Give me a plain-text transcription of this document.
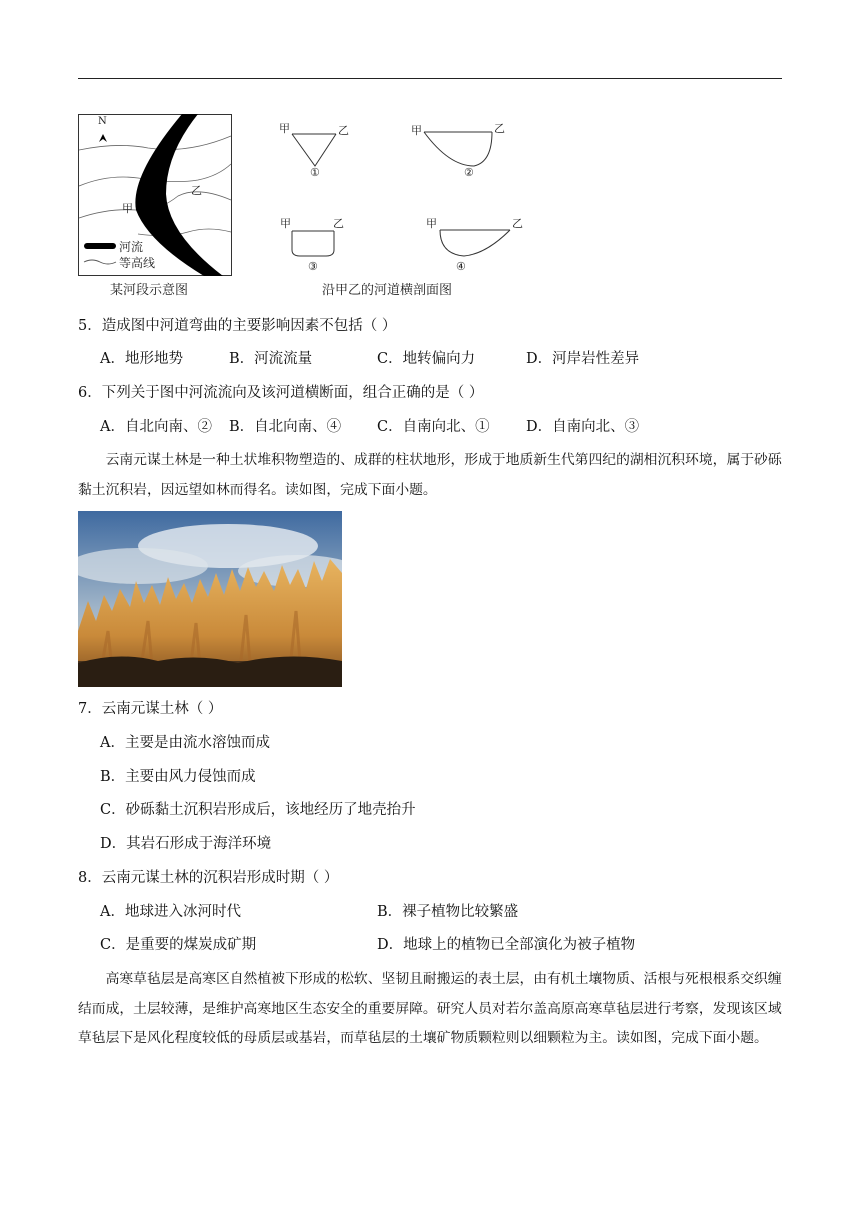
N
乙
甲
河流
等高线
某河段示意图
甲	乙
①
甲	乙
②
甲	乙
③
甲	乙
④
沿甲乙的河道横剖面图
5．造成图中河道弯曲的主要影响因素不包括（ ）
A．地形地势	B．河流流量	C．地转偏向力	D．河岸岩性差异
6．下列关于图中河流流向及该河道横断面，组合正确的是（ ）
A．自北向南、② B．自北向南、④ C．自南向北、①	D．自南向北、③
云南元谋土林是一种土状堆积物塑造的、成群的柱状地形，形成于地质新生代第四纪的湖相沉积环境，属于砂砾黏土沉积岩，因远望如林而得名。读如图，完成下面小题。
7．云南元谋土林（ ）
A．主要是由流水溶蚀而成
B．主要由风力侵蚀而成
C．砂砾黏土沉积岩形成后，该地经历了地壳抬升
D．其岩石形成于海洋环境
8．云南元谋土林的沉积岩形成时期（ ）
A．地球进入冰河时代	B．裸子植物比较繁盛
C．是重要的煤炭成矿期	D．地球上的植物已全部演化为被子植物
高寒草毡层是高寒区自然植被下形成的松软、坚韧且耐搬运的表土层，由有机土壤物质、活根与死根根系交织缠结而成，土层较薄，是维护高寒地区生态安全的重要屏障。研究人员对若尔盖高原高寒草毡层进行考察，发现该区域草毡层下是风化程度较低的母质层或基岩，而草毡层的土壤矿物质颗粒则以细颗粒为主。读如图，完成下面小题。
